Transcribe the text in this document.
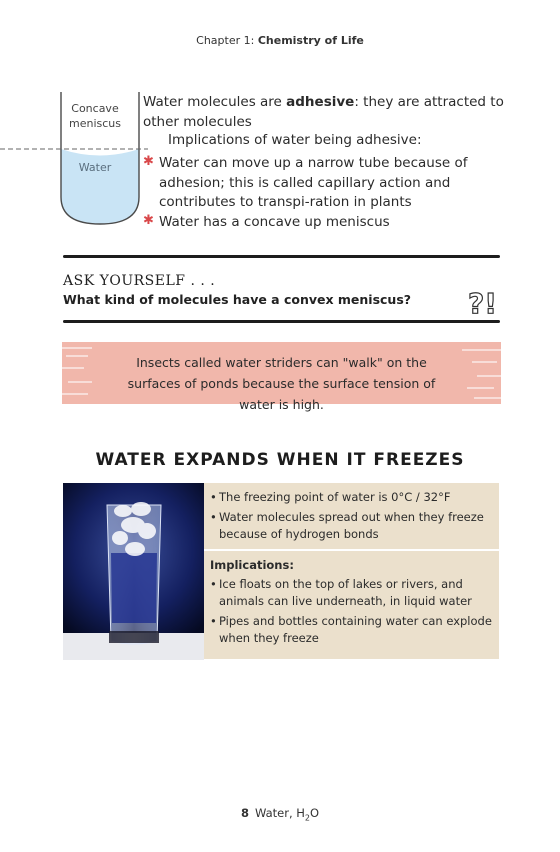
Chapter 1: Chemistry of Life
Concave
meniscus
Water
Water molecules are adhesive: they are attracted to other molecules
Implications of water being adhesive:
✱ Water can move up a narrow tube because of adhesion; this is called capillary action and contributes to transpi-ration in plants
✱ Water has a concave up meniscus
ASK YOURSELF . . .
What kind of molecules have a convex meniscus? ?!
Insects called water striders can "walk" on the surfaces of ponds because the surface tension of water is high.
WATER EXPANDS WHEN IT FREEZES
• The freezing point of water is 0°C / 32°F
• Water molecules spread out when they freeze because of hydrogen bonds
Implications:
• Ice floats on the top of lakes or rivers, and animals can live underneath, in liquid water
• Pipes and bottles containing water can explode when they freeze
8 Water, $H_2O$
